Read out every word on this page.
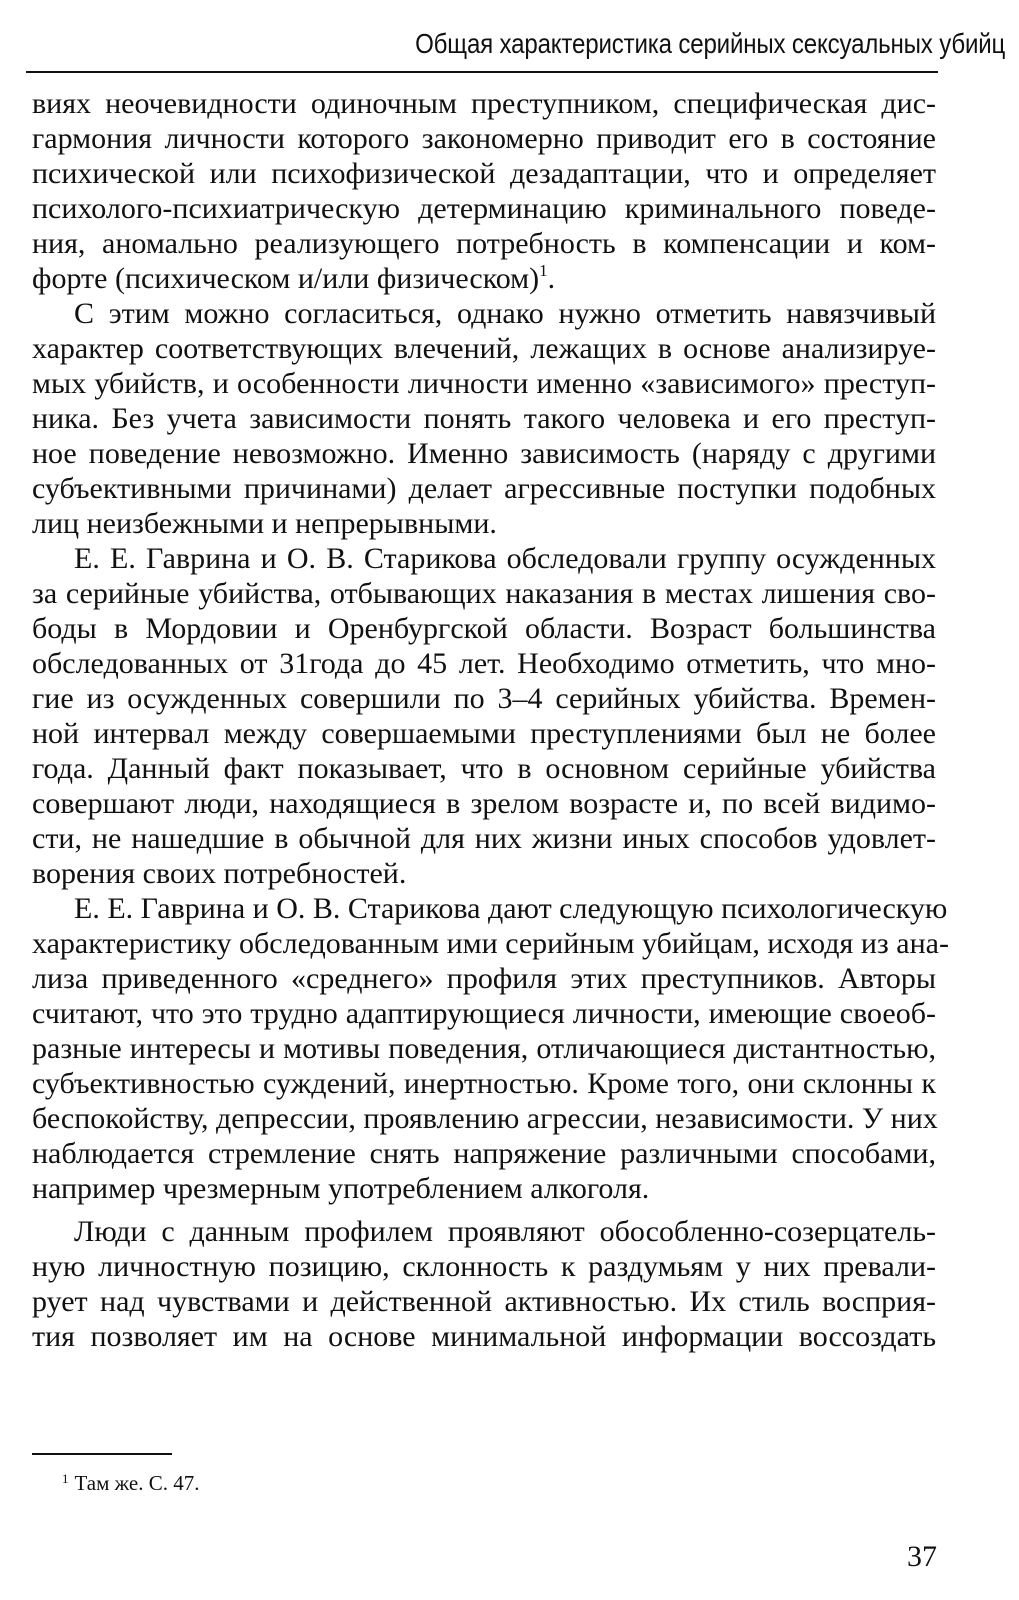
Общая характеристика серийных сексуальных убийц
виях неочевидности одиночным преступником, специфическая дис-
гармония личности которого закономерно приводит его в состояние
психической или психофизической дезадаптации, что и определяет
психолого-психиатрическую детерминацию криминального поведе-
ния, аномально реализующего потребность в компенсации и ком-
форте (психическом и/или физическом)$^1$.
С этим можно согласиться, однако нужно отметить навязчивый
характер соответствующих влечений, лежащих в основе анализируе-
мых убийств, и особенности личности именно «зависимого» преступ-
ника. Без учета зависимости понять такого человека и его преступ-
ное поведение невозможно. Именно зависимость (наряду с другими
субъективными причинами) делает агрессивные поступки подобных
лиц неизбежными и непрерывными.
Е. Е. Гаврина и О. В. Старикова обследовали группу осужденных
за серийные убийства, отбывающих наказания в местах лишения сво-
боды в Мордовии и Оренбургской области. Возраст большинства
обследованных от 31года до 45 лет. Необходимо отметить, что мно-
гие из осужденных совершили по 3–4 серийных убийства. Времен-
ной интервал между совершаемыми преступлениями был не более
года. Данный факт показывает, что в основном серийные убийства
совершают люди, находящиеся в зрелом возрасте и, по всей видимо-
сти, не нашедшие в обычной для них жизни иных способов удовлет-
ворения своих потребностей.
Е. Е. Гаврина и О. В. Старикова дают следующую психологическую
характеристику обследованным ими серийным убийцам, исходя из ана-
лиза приведенного «среднего» профиля этих преступников. Авторы
считают, что это трудно адаптирующиеся личности, имеющие своеоб-
разные интересы и мотивы поведения, отличающиеся дистантностью,
субъективностью суждений, инертностью. Кроме того, они склонны к
беспокойству, депрессии, проявлению агрессии, независимости. У них
наблюдается стремление снять напряжение различными способами,
например чрезмерным употреблением алкоголя.
Люди с данным профилем проявляют обособленно-созерцатель-
ную личностную позицию, склонность к раздумьям у них превали-
рует над чувствами и действенной активностью. Их стиль восприя-
тия позволяет им на основе минимальной информации воссоздать
$^1$ Там же. С. 47.
37
